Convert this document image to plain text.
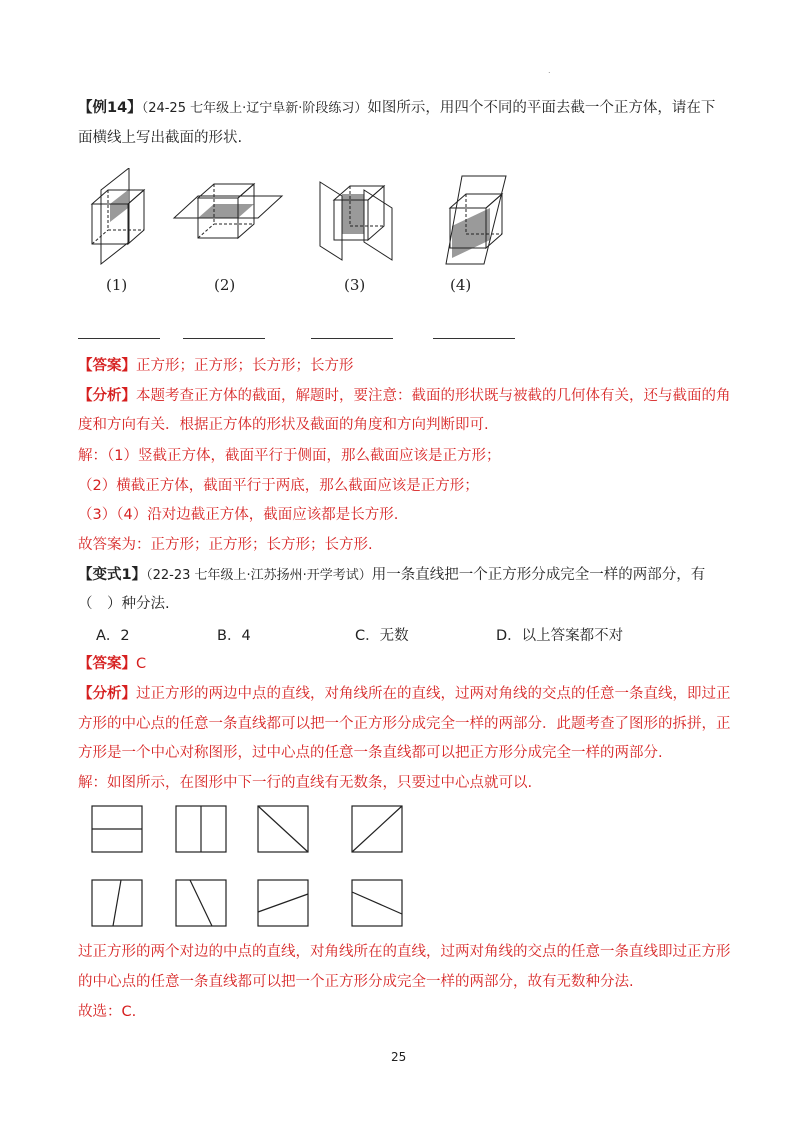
.
【例14】（24-25 七年级上·辽宁阜新·阶段练习）如图所示，用四个不同的平面去截一个正方体，请在下
面横线上写出截面的形状.
(1)	(2)	(3)	(4)
【答案】正方形；正方形；长方形；长方形
【分析】本题考查正方体的截面，解题时，要注意：截面的形状既与被截的几何体有关，还与截面的角
度和方向有关．根据正方体的形状及截面的角度和方向判断即可.
解：（1）竖截正方体，截面平行于侧面，那么截面应该是正方形；
（2）横截正方体，截面平行于两底，那么截面应该是正方形；
（3）（4）沿对边截正方体，截面应该都是长方形.
故答案为：正方形；正方形；长方形；长方形.
【变式1】（22-23 七年级上·江苏扬州·开学考试）用一条直线把一个正方形分成完全一样的两部分，有
（　）种分法.
A．2	B．4	C．无数	D．以上答案都不对
【答案】C
【分析】过正方形的两边中点的直线，对角线所在的直线，过两对角线的交点的任意一条直线，即过正
方形的中心点的任意一条直线都可以把一个正方形分成完全一样的两部分．此题考查了图形的拆拼，正
方形是一个中心对称图形，过中心点的任意一条直线都可以把正方形分成完全一样的两部分.
解：如图所示，在图形中下一行的直线有无数条，只要过中心点就可以.
过正方形的两个对边的中点的直线，对角线所在的直线，过两对角线的交点的任意一条直线即过正方形
的中心点的任意一条直线都可以把一个正方形分成完全一样的两部分，故有无数种分法.
故选：C.
25
